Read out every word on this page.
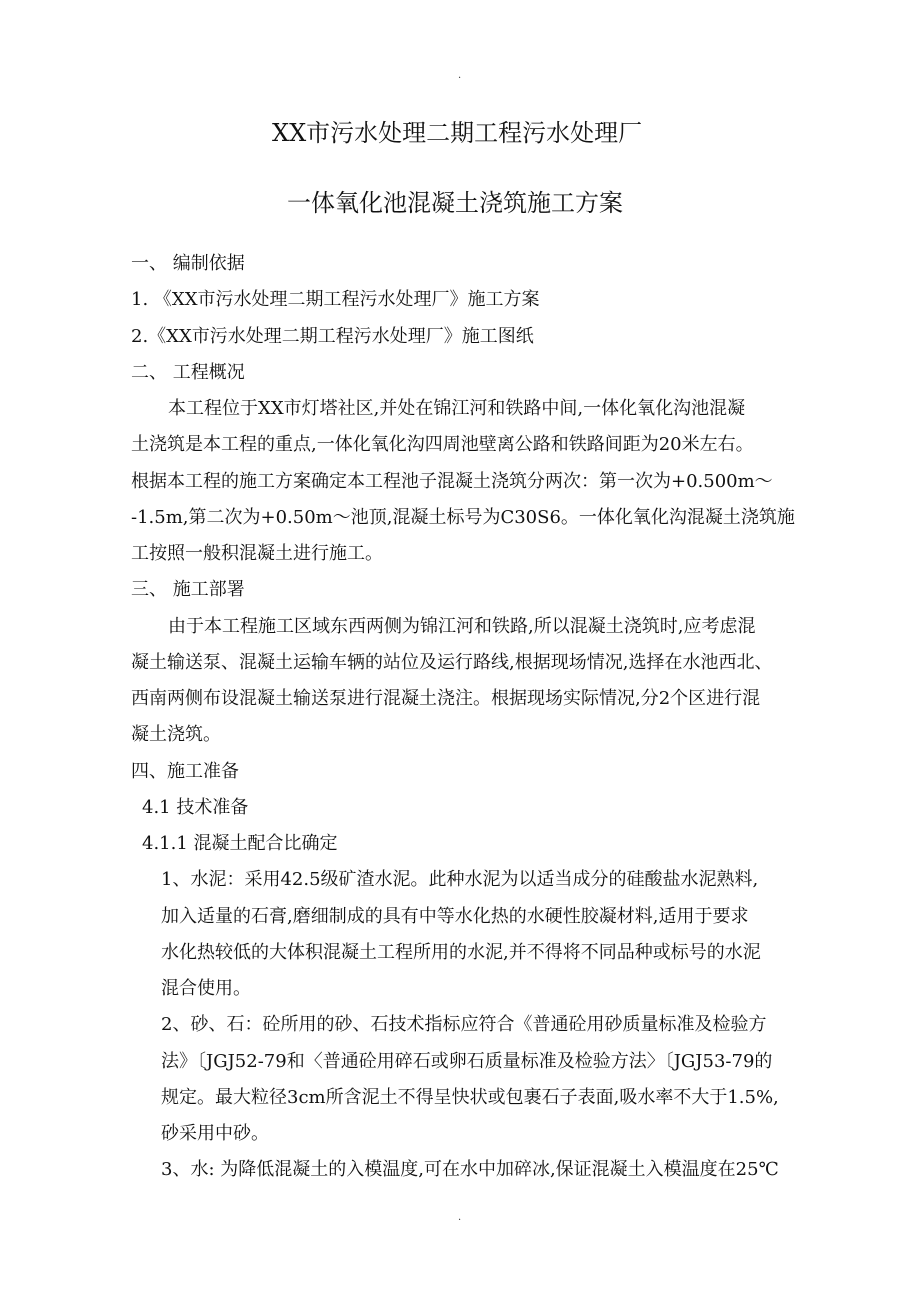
.
XX市污水处理二期工程污水处理厂
一体氧化池混凝土浇筑施工方案
一、 编制依据
1. 《XX市污水处理二期工程污水处理厂》施工方案
2.《XX市污水处理二期工程污水处理厂》施工图纸
二、 工程概况
本工程位于XX市灯塔社区,并处在锦江河和铁路中间,一体化氧化沟池混凝
土浇筑是本工程的重点,一体化氧化沟四周池壁离公路和铁路间距为20米左右。
根据本工程的施工方案确定本工程池子混凝土浇筑分两次：第一次为+0.500m～
-1.5m,第二次为+0.50m～池顶,混凝土标号为C30S6。一体化氧化沟混凝土浇筑施
工按照一般积混凝土进行施工。
三、 施工部署
由于本工程施工区域东西两侧为锦江河和铁路,所以混凝土浇筑时,应考虑混
凝土输送泵、混凝土运输车辆的站位及运行路线,根据现场情况,选择在水池西北、
西南两侧布设混凝土输送泵进行混凝土浇注。根据现场实际情况,分2个区进行混
凝土浇筑。
四、施工准备
4.1 技术准备
4.1.1 混凝土配合比确定
1、水泥：采用42.5级矿渣水泥。此种水泥为以适当成分的硅酸盐水泥熟料,
加入适量的石膏,磨细制成的具有中等水化热的水硬性胶凝材料,适用于要求
水化热较低的大体积混凝土工程所用的水泥,并不得将不同品种或标号的水泥
混合使用。
2、砂、石：砼所用的砂、石技术指标应符合《普通砼用砂质量标准及检验方
法》〔JGJ52-79和〈普通砼用碎石或卵石质量标准及检验方法〉〔JGJ53-79的
规定。最大粒径3cm所含泥土不得呈快状或包裹石子表面,吸水率不大于1.5%,
砂采用中砂。
3、水: 为降低混凝土的入模温度,可在水中加碎冰,保证混凝土入模温度在25℃
.
